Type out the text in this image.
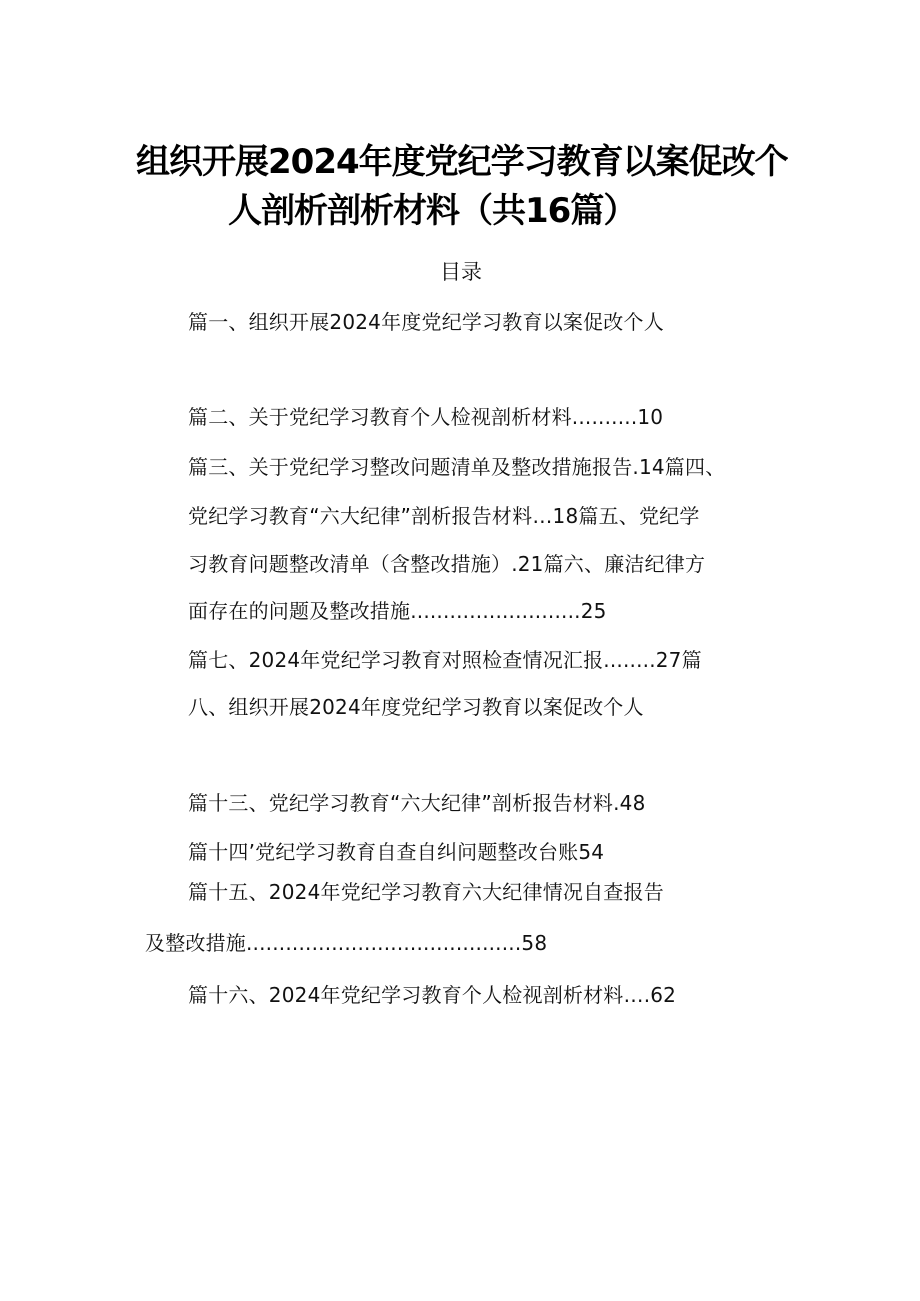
组织开展2024年度党纪学习教育以案促改个
人剖析剖析材料（共16篇）
目录
篇一、组织开展2024年度党纪学习教育以案促改个人
篇二、关于党纪学习教育个人检视剖析材料..........10
篇三、关于党纪学习整改问题清单及整改措施报告.14篇四、
党纪学习教育“六大纪律”剖析报告材料…18篇五、党纪学
习教育问题整改清单（含整改措施）.21篇六、廉洁纪律方
面存在的问题及整改措施..........................25
篇七、2024年党纪学习教育对照检查情况汇报........27篇
八、组织开展2024年度党纪学习教育以案促改个人
篇十三、党纪学习教育“六大纪律”剖析报告材料.48
篇十四’党纪学习教育自查自纠问题整改台账54
篇十五、2024年党纪学习教育六大纪律情况自查报告
及整改措施..........................................58
篇十六、2024年党纪学习教育个人检视剖析材料….62
